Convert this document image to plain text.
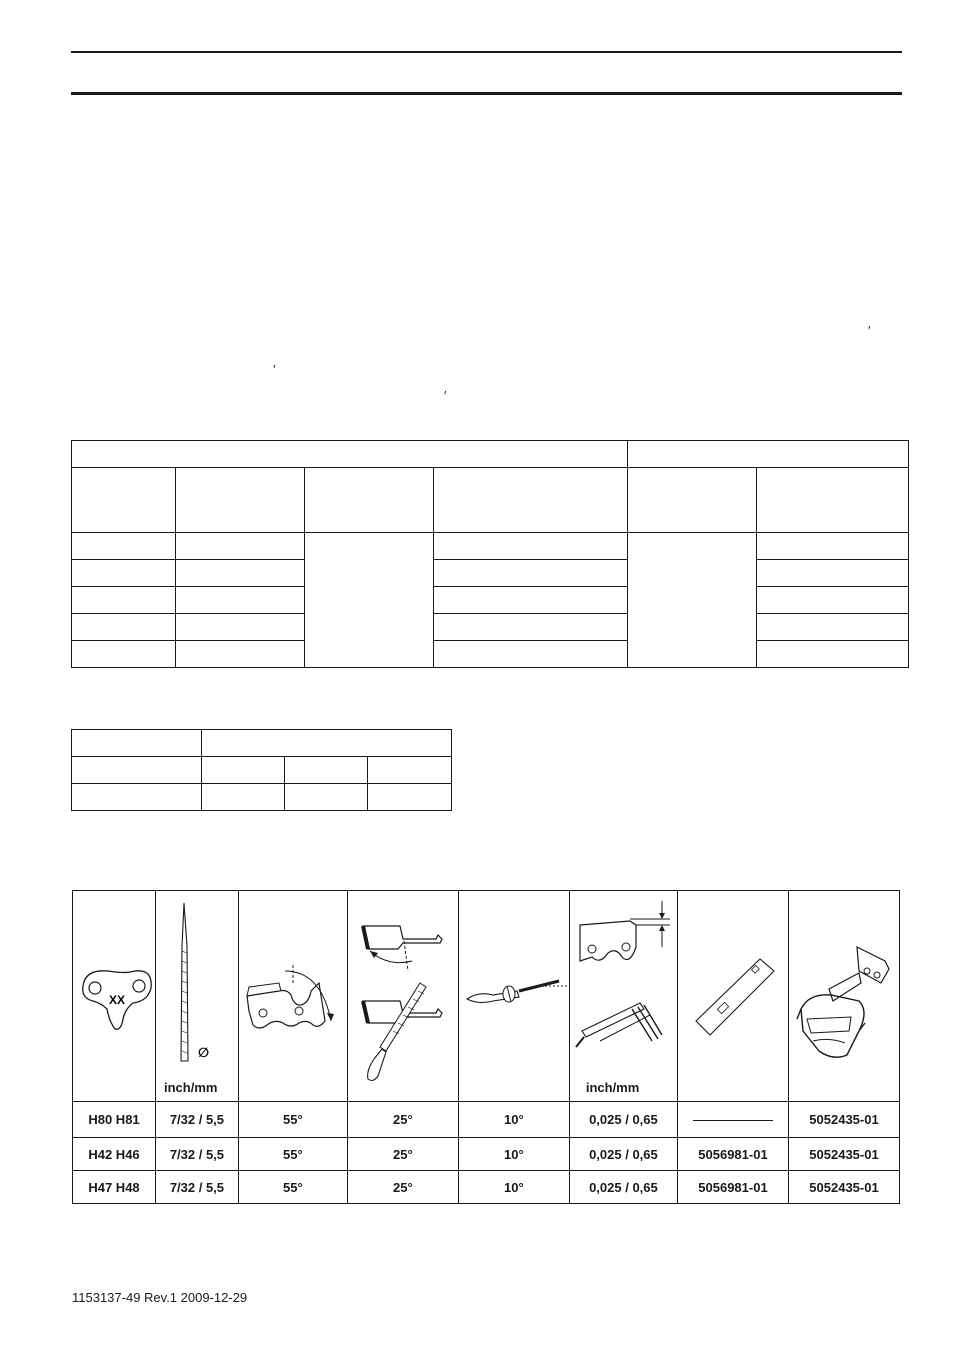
′
′
′

XX	∅
inch/mm				inch/mm

H80 H81	7/32 / 5,5	55°	25°	10°	0,025 / 0,65		5052435-01
H42 H46	7/32 / 5,5	55°	25°	10°	0,025 / 0,65	5056981-01	5052435-01
H47 H48	7/32 / 5,5	55°	25°	10°	0,025 / 0,65	5056981-01	5052435-01
1153137-49 Rev.1 2009-12-29
